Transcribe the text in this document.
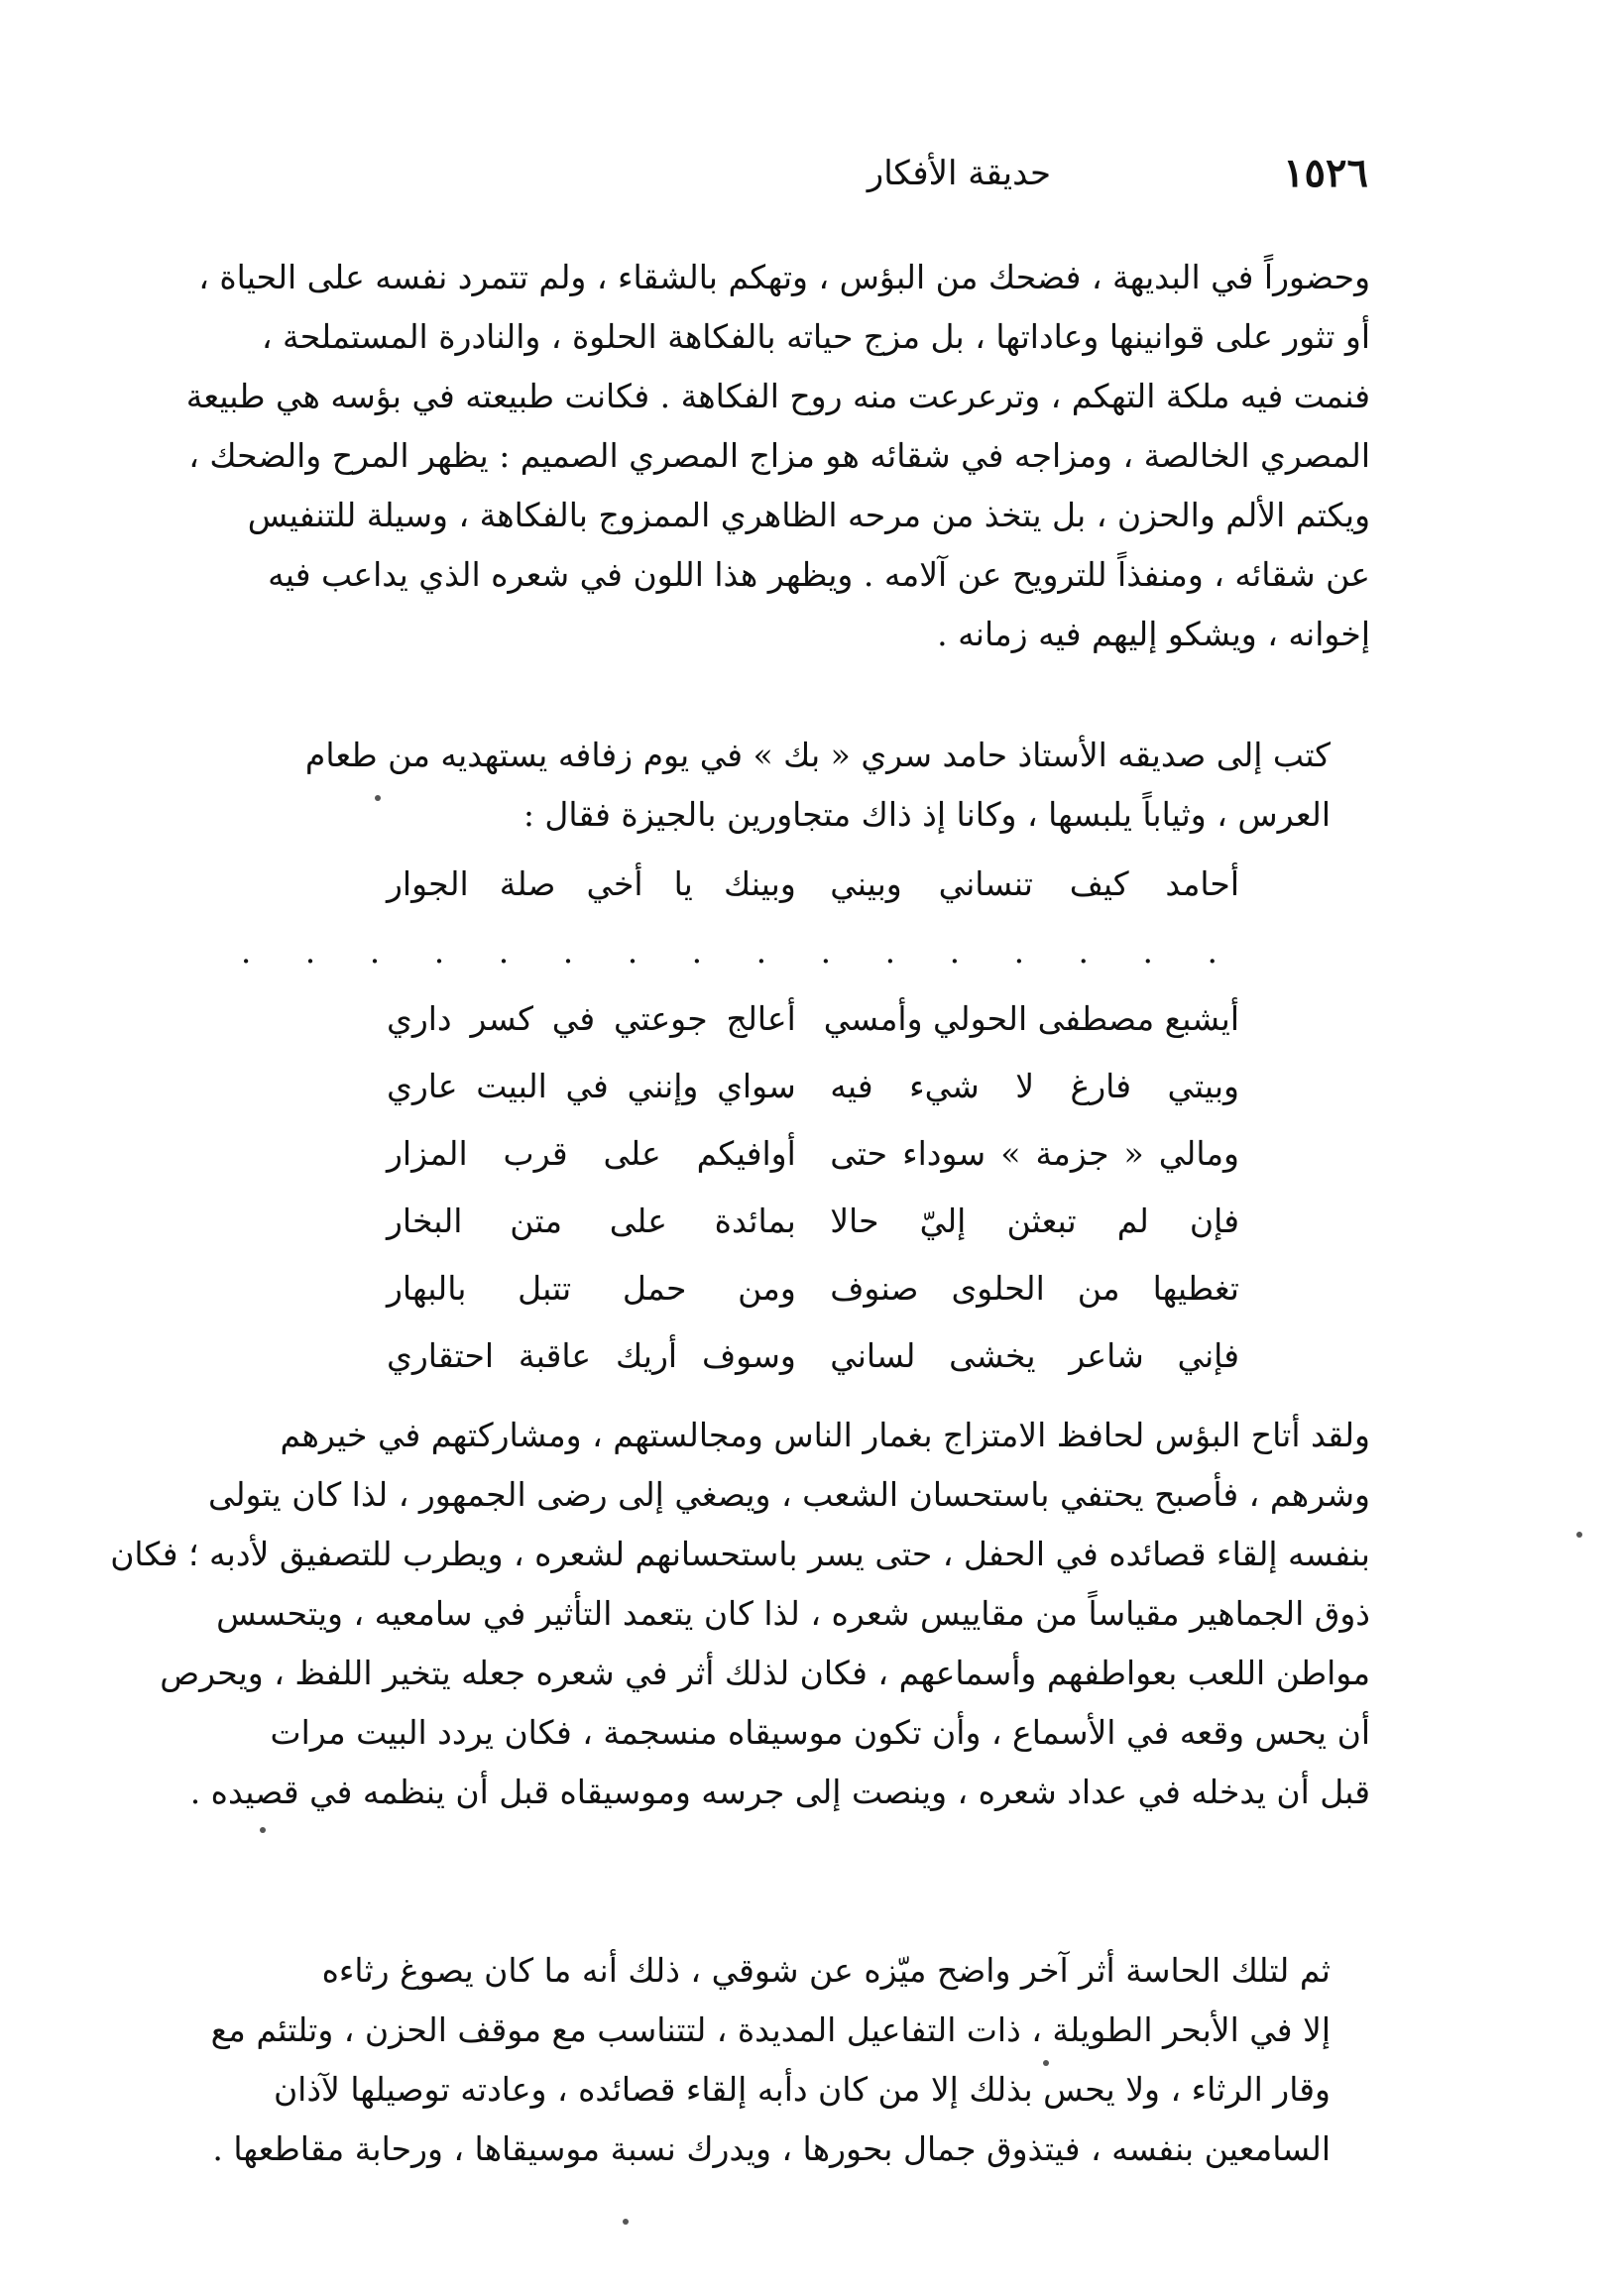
١٥٢٦
حديقة الأفكار

وحضوراً في البديهة ، فضحك من البؤس ، وتهكم بالشقاء ، ولم تتمرد نفسه على الحياة ،
أو تثور على قوانينها وعاداتها ، بل مزج حياته بالفكاهة الحلوة ، والنادرة المستملحة ،
فنمت فيه ملكة التهكم ، وترعرعت منه روح الفكاهة . فكانت طبيعته في بؤسه هي طبيعة
المصري الخالصة ، ومزاجه في شقائه هو مزاج المصري الصميم : يظهر المرح والضحك ،
ويكتم الألم والحزن ، بل يتخذ من مرحه الظاهري الممزوج بالفكاهة ، وسيلة للتنفيس
عن شقائه ، ومنفذاً للترويح عن آلامه . ويظهر هذا اللون في شعره الذي يداعب فيه
إخوانه ، ويشكو إليهم فيه زمانه .

كتب إلى صديقه الأستاذ حامد سري « بك » في يوم زفافه يستهديه من طعام
العرس ، وثياباً يلبسها ، وكانا إذ ذاك متجاورين بالجيزة فقال :

أحامد كيف تنساني وبيني
وبينك يا أخي صلة الجوار
. . . . . . . . . . . . . . . .
أيشبع مصطفى الحولي وأمسي
أعالج جوعتي في كسر داري
وبيتي فارغ لا شيء فيه
سواي وإنني في البيت عاري
ومالي « جزمة » سوداء حتى
أوافيكم على قرب المزار
فإن لم تبعثن إليّ حالا
بمائدة على متن البخار
تغطيها من الحلوى صنوف
ومن حمل تتبل بالبهار
فإني شاعر يخشى لساني
وسوف أريك عاقبة احتقاري

ولقد أتاح البؤس لحافظ الامتزاج بغمار الناس ومجالستهم ، ومشاركتهم في خيرهم
وشرهم ، فأصبح يحتفي باستحسان الشعب ، ويصغي إلى رضى الجمهور ، لذا كان يتولى
بنفسه إلقاء قصائده في الحفل ، حتى يسر باستحسانهم لشعره ، ويطرب للتصفيق لأدبه ؛ فكان
ذوق الجماهير مقياساً من مقاييس شعره ، لذا كان يتعمد التأثير في سامعيه ، ويتحسس
مواطن اللعب بعواطفهم وأسماعهم ، فكان لذلك أثر في شعره جعله يتخير اللفظ ، ويحرص
أن يحس وقعه في الأسماع ، وأن تكون موسيقاه منسجمة ، فكان يردد البيت مرات
قبل أن يدخله في عداد شعره ، وينصت إلى جرسه وموسيقاه قبل أن ينظمه في قصيده .

ثم لتلك الحاسة أثر آخر واضح ميّزه عن شوقي ، ذلك أنه ما كان يصوغ رثاءه
إلا في الأبحر الطويلة ، ذات التفاعيل المديدة ، لتتناسب مع موقف الحزن ، وتلتئم مع
وقار الرثاء ، ولا يحس بذلك إلا من كان دأبه إلقاء قصائده ، وعادته توصيلها لآذان
السامعين بنفسه ، فيتذوق جمال بحورها ، ويدرك نسبة موسيقاها ، ورحابة مقاطعها .
